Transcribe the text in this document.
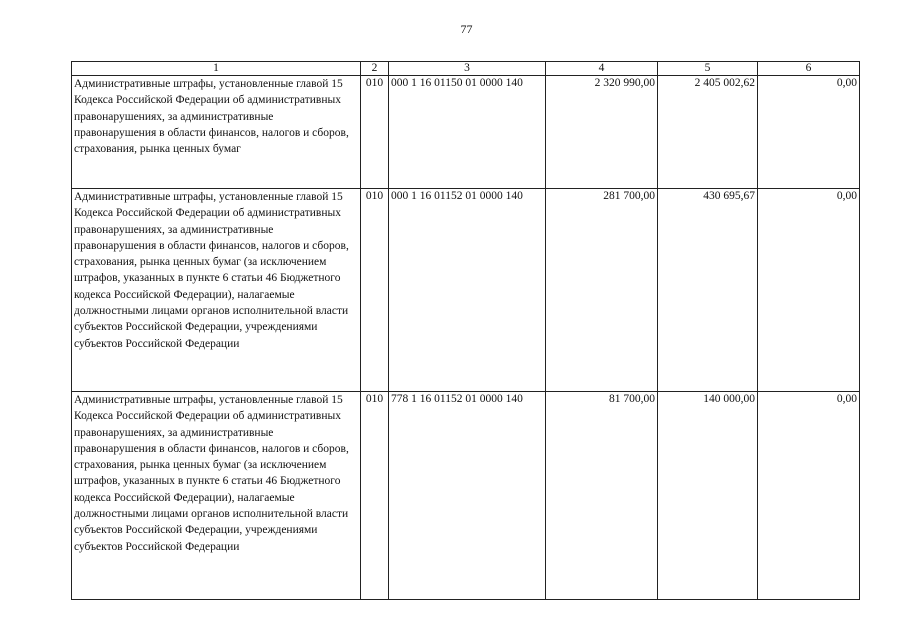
77
1	2	3	4	5	6
Административные штрафы, установленные главой 15 Кодекса Российской Федерации об административных правонарушениях, за административные правонарушения в области финансов, налогов и сборов, страхования, рынка ценных бумаг	010	000 1 16 01150 01 0000 140	2 320 990,00	2 405 002,62	0,00
Административные штрафы, установленные главой 15 Кодекса Российской Федерации об административных правонарушениях, за административные правонарушения в области финансов, налогов и сборов, страхования, рынка ценных бумаг (за исключением штрафов, указанных в пункте 6 статьи 46 Бюджетного кодекса Российской Федерации), налагаемые должностными лицами органов исполнительной власти субъектов Российской Федерации, учреждениями субъектов Российской Федерации	010	000 1 16 01152 01 0000 140	281 700,00	430 695,67	0,00
Административные штрафы, установленные главой 15 Кодекса Российской Федерации об административных правонарушениях, за административные правонарушения в области финансов, налогов и сборов, страхования, рынка ценных бумаг (за исключением штрафов, указанных в пункте 6 статьи 46 Бюджетного кодекса Российской Федерации), налагаемые должностными лицами органов исполнительной власти субъектов Российской Федерации, учреждениями субъектов Российской Федерации	010	778 1 16 01152 01 0000 140	81 700,00	140 000,00	0,00
